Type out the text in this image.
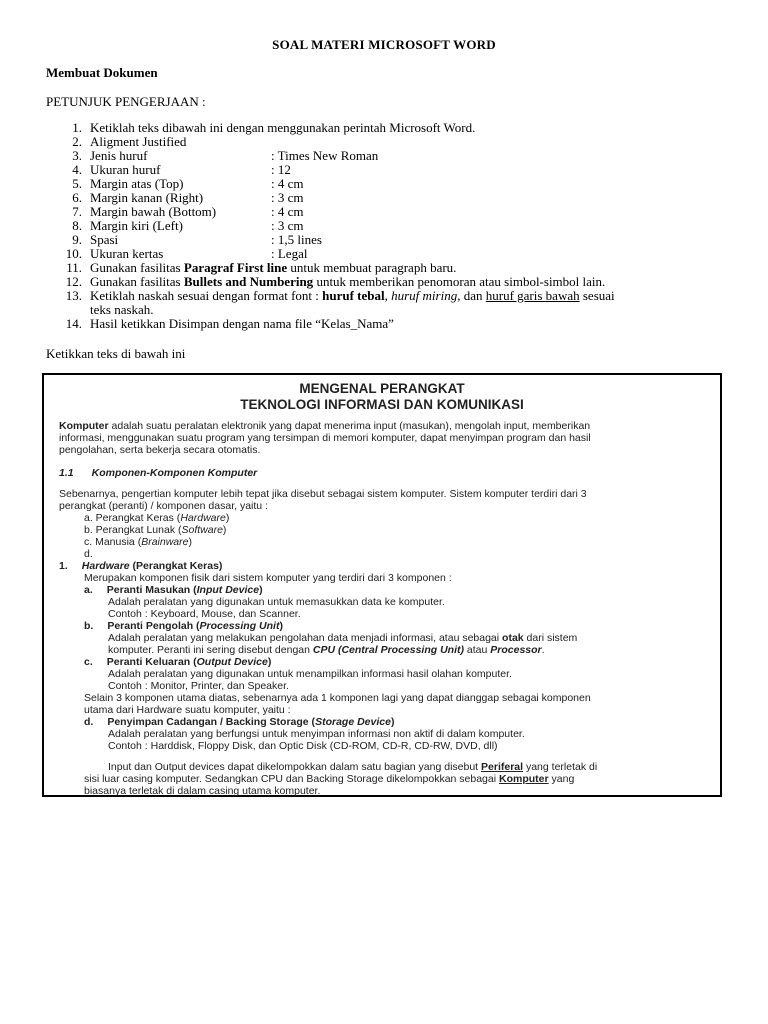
SOAL MATERI MICROSOFT WORD
Membuat Dokumen
PETUNJUK PENGERJAAN :
1. Ketiklah teks dibawah ini dengan menggunakan perintah Microsoft Word.
2. Aligment Justified
3. Jenis huruf	: Times New Roman
4. Ukuran huruf	: 12
5. Margin atas (Top)	: 4 cm
6. Margin kanan (Right)	: 3 cm
7. Margin bawah (Bottom)	: 4 cm
8. Margin kiri (Left)	: 3 cm
9. Spasi	: 1,5 lines
10. Ukuran kertas	: Legal
11. Gunakan fasilitas Paragraf First line untuk membuat paragraph baru.
12. Gunakan fasilitas Bullets and Numbering untuk memberikan penomoran atau simbol-simbol lain.
13. Ketiklah naskah sesuai dengan format font : huruf tebal, huruf miring, dan huruf garis bawah sesuai
teks naskah.
14. Hasil ketikkan Disimpan dengan nama file “Kelas_Nama”
Ketikkan teks di bawah ini
MENGENAL PERANGKAT
TEKNOLOGI INFORMASI DAN KOMUNIKASI
Komputer adalah suatu peralatan elektronik yang dapat menerima input (masukan), mengolah input, memberikan
informasi, menggunakan suatu program yang tersimpan di memori komputer, dapat menyimpan program dan hasil
pengolahan, serta bekerja secara otomatis.
1.1 Komponen-Komponen Komputer
Sebenarnya, pengertian komputer lebih tepat jika disebut sebagai sistem komputer. Sistem komputer terdiri dari 3
perangkat (peranti) / komponen dasar, yaitu :
a. Perangkat Keras (Hardware)
b. Perangkat Lunak (Software)
c. Manusia (Brainware)
d.
1. Hardware (Perangkat Keras)
Merupakan komponen fisik dari sistem komputer yang terdiri dari 3 komponen :
a. Peranti Masukan (Input Device)
Adalah peralatan yang digunakan untuk memasukkan data ke komputer.
Contoh : Keyboard, Mouse, dan Scanner.
b. Peranti Pengolah (Processing Unit)
Adalah peralatan yang melakukan pengolahan data menjadi informasi, atau sebagai otak dari sistem
komputer. Peranti ini sering disebut dengan CPU (Central Processing Unit) atau Processor.
c. Peranti Keluaran (Output Device)
Adalah peralatan yang digunakan untuk menampilkan informasi hasil olahan komputer.
Contoh : Monitor, Printer, dan Speaker.
Selain 3 komponen utama diatas, sebenarnya ada 1 komponen lagi yang dapat dianggap sebagai komponen
utama dari Hardware suatu komputer, yaitu :
d. Penyimpan Cadangan / Backing Storage (Storage Device)
Adalah peralatan yang berfungsi untuk menyimpan informasi non aktif di dalam komputer.
Contoh : Harddisk, Floppy Disk, dan Optic Disk (CD-ROM, CD-R, CD-RW, DVD, dll)
Input dan Output devices dapat dikelompokkan dalam satu bagian yang disebut Periferal yang terletak di
sisi luar casing komputer. Sedangkan CPU dan Backing Storage dikelompokkan sebagai Komputer yang
biasanya terletak di dalam casing utama komputer.
